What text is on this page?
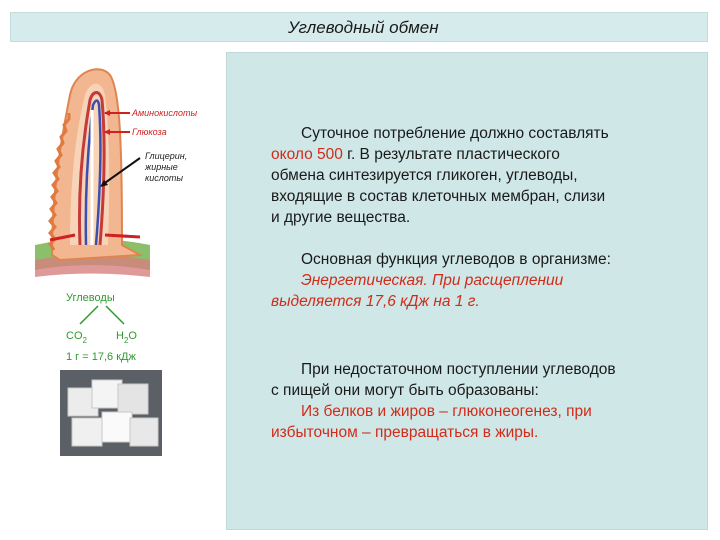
Углеводный обмен
Аминокислоты
Глюкоза
Глицерин,
жирные
кислоты
Углеводы
$CO_2$	$H_2O$
1 г = 17,6 кДж
Суточное потребление должно составлять
около 500 г. В результате пластического
обмена синтезируется гликоген, углеводы,
входящие в состав клеточных мембран, слизи
и другие вещества.
Основная функция углеводов в организме:
Энергетическая. При расщеплении
выделяется 17,6 кДж на 1 г.
При недостаточном поступлении углеводов
с пищей они могут быть образованы:
Из белков и жиров – глюконеогенез, при
избыточном – превращаться в жиры.
